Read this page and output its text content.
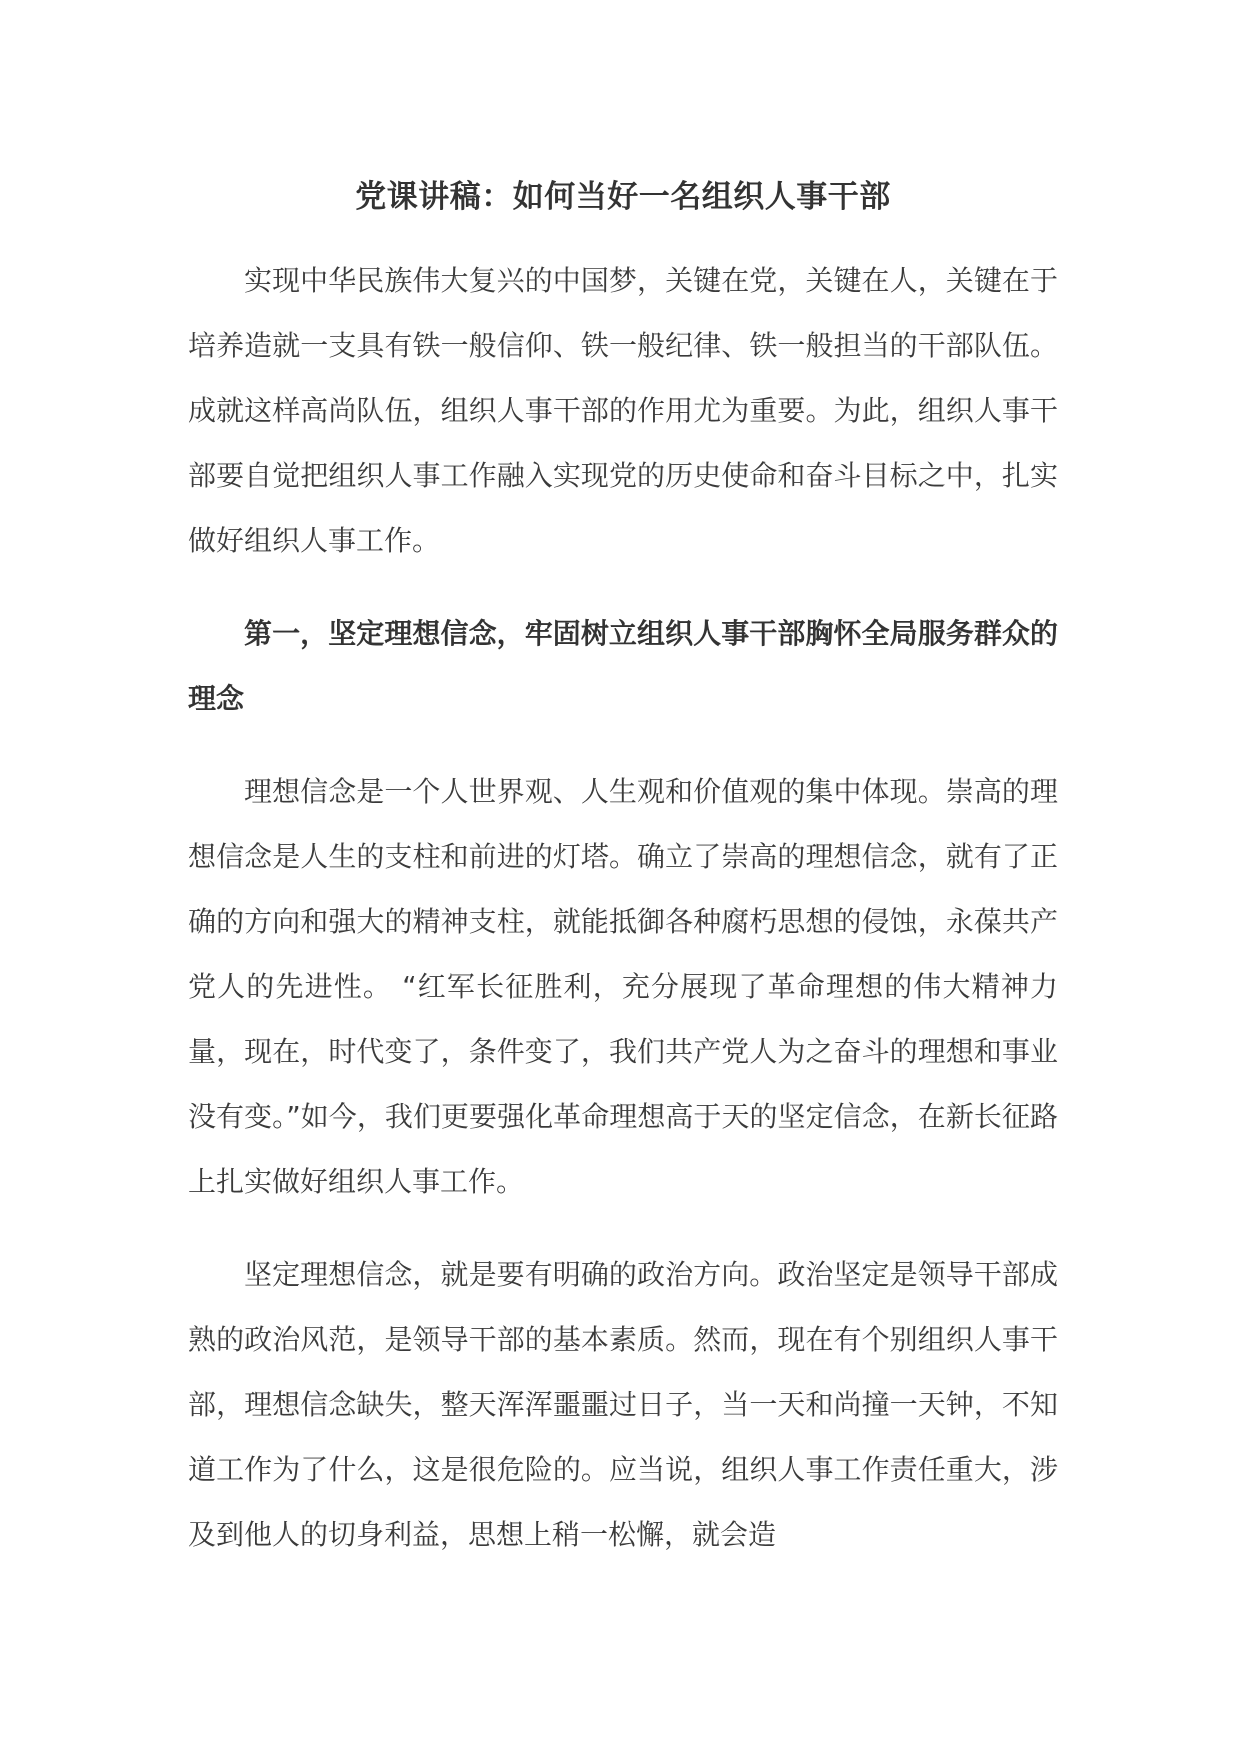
党课讲稿：如何当好一名组织人事干部

实现中华民族伟大复兴的中国梦，关键在党，关键在人，关键在于培养造就一支具有铁一般信仰、铁一般纪律、铁一般担当的干部队伍。成就这样高尚队伍，组织人事干部的作用尤为重要。为此，组织人事干部要自觉把组织人事工作融入实现党的历史使命和奋斗目标之中，扎实做好组织人事工作。

第一，坚定理想信念，牢固树立组织人事干部胸怀全局服务群众的理念

理想信念是一个人世界观、人生观和价值观的集中体现。崇高的理想信念是人生的支柱和前进的灯塔。确立了崇高的理想信念，就有了正确的方向和强大的精神支柱，就能抵御各种腐朽思想的侵蚀，永葆共产党人的先进性。 “红军长征胜利，充分展现了革命理想的伟大精神力量，现在，时代变了，条件变了，我们共产党人为之奋斗的理想和事业没有变。”如今，我们更要强化革命理想高于天的坚定信念，在新长征路上扎实做好组织人事工作。

坚定理想信念，就是要有明确的政治方向。政治坚定是领导干部成熟的政治风范，是领导干部的基本素质。然而，现在有个别组织人事干部，理想信念缺失，整天浑浑噩噩过日子，当一天和尚撞一天钟，不知道工作为了什么，这是很危险的。应当说，组织人事工作责任重大，涉及到他人的切身利益，思想上稍一松懈，就会造
